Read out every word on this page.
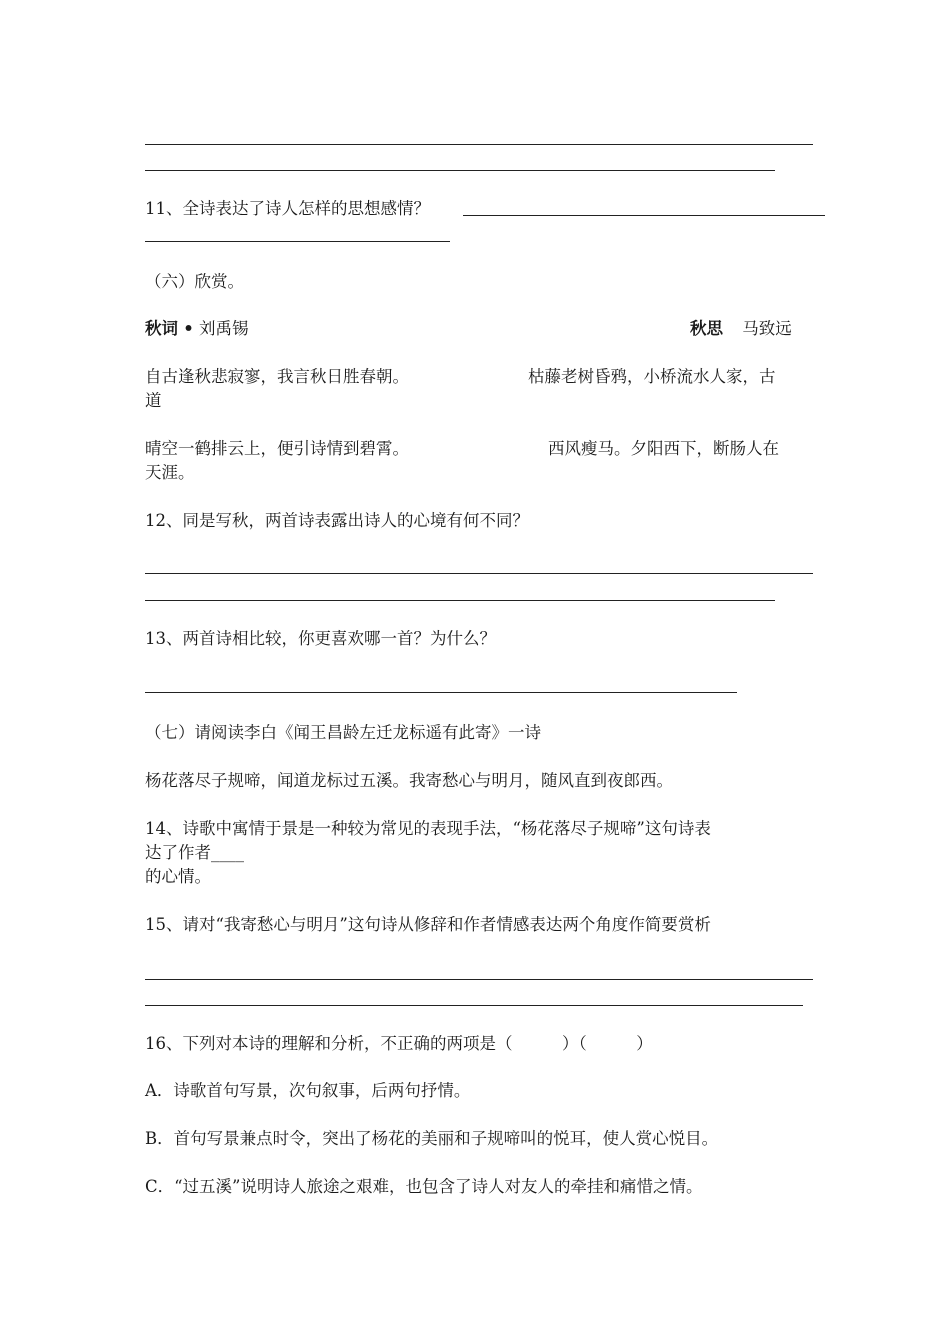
11、全诗表达了诗人怎样的思想感情？
（六）欣赏。
秋词 • 刘禹锡	秋思 马致远
自古逢秋悲寂寥，我言秋日胜春朝。	枯藤老树昏鸦，小桥流水人家，古
道
晴空一鹤排云上，便引诗情到碧霄。	西风瘦马。夕阳西下，断肠人在
天涯。
12、同是写秋，两首诗表露出诗人的心境有何不同？
13、两首诗相比较，你更喜欢哪一首？为什么？
（七）请阅读李白《闻王昌龄左迁龙标遥有此寄》一诗
杨花落尽子规啼，闻道龙标过五溪。我寄愁心与明月，随风直到夜郎西。
14、诗歌中寓情于景是一种较为常见的表现手法，“杨花落尽子规啼”这句诗表
达了作者____
的心情。
15、请对“我寄愁心与明月”这句诗从修辞和作者情感表达两个角度作简要赏析
16、下列对本诗的理解和分析，不正确的两项是（　　　）（　　　）
A．诗歌首句写景，次句叙事，后两句抒情。
B．首句写景兼点时令，突出了杨花的美丽和子规啼叫的悦耳，使人赏心悦目。
C．“过五溪”说明诗人旅途之艰难，也包含了诗人对友人的牵挂和痛惜之情。
